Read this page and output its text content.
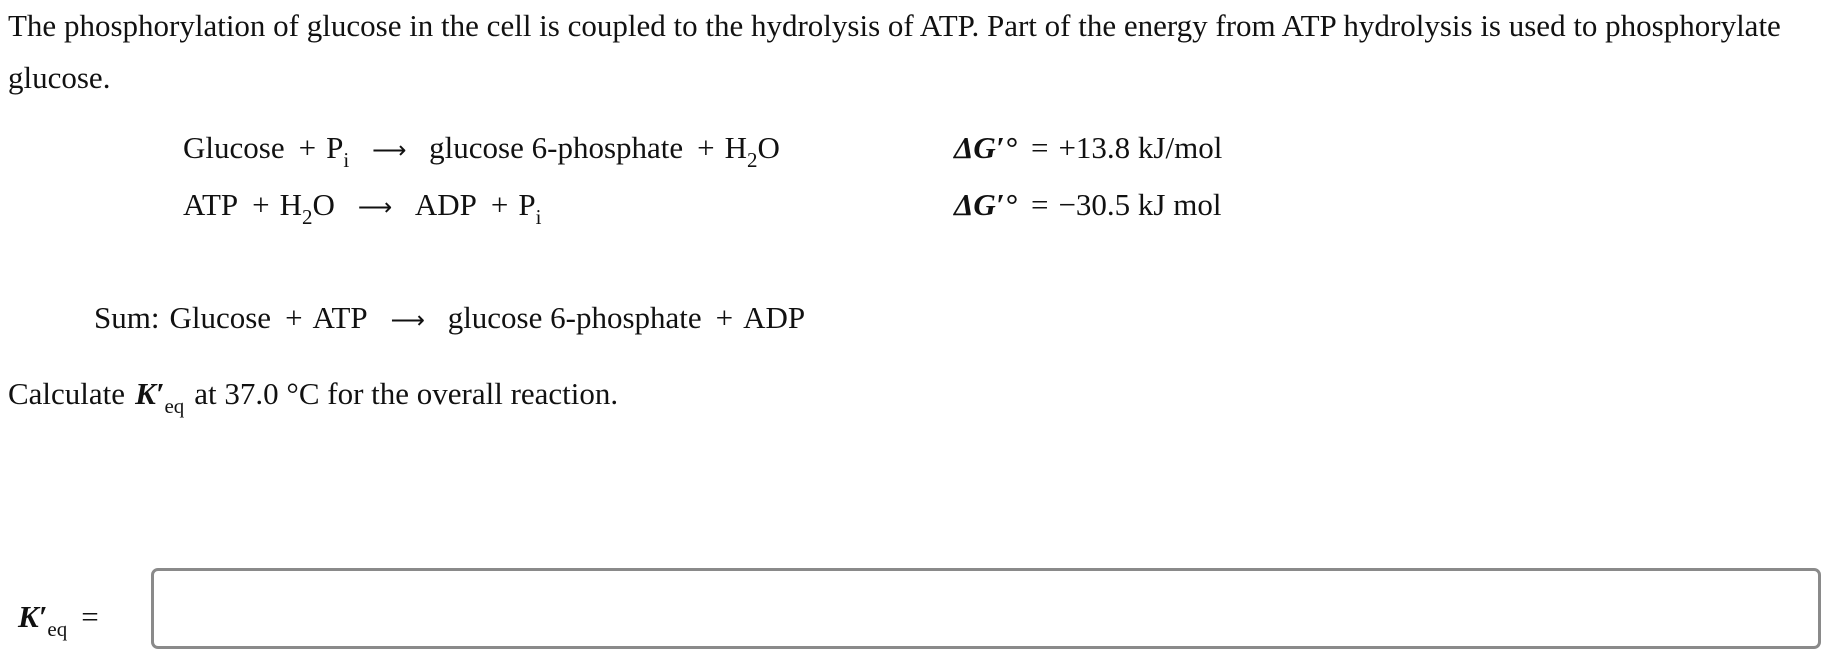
The phosphorylation of glucose in the cell is coupled to the hydrolysis of ATP. Part of the energy from ATP hydrolysis is used to phosphorylate glucose.

$Glucose + P_i$ ⟶ glucose 6-phosphate + $H_2O$	ΔG′° = +13.8 kJ/mol
ATP + $H_2O$ ⟶ ADP + $P_i$	ΔG′° = −30.5 kJ mol
Sum: Glucose + ATP ⟶ glucose 6-phosphate + ADP
Calculate $K'_{eq}$ at 37.0 °C for the overall reaction.
$K'_{eq}$ =
